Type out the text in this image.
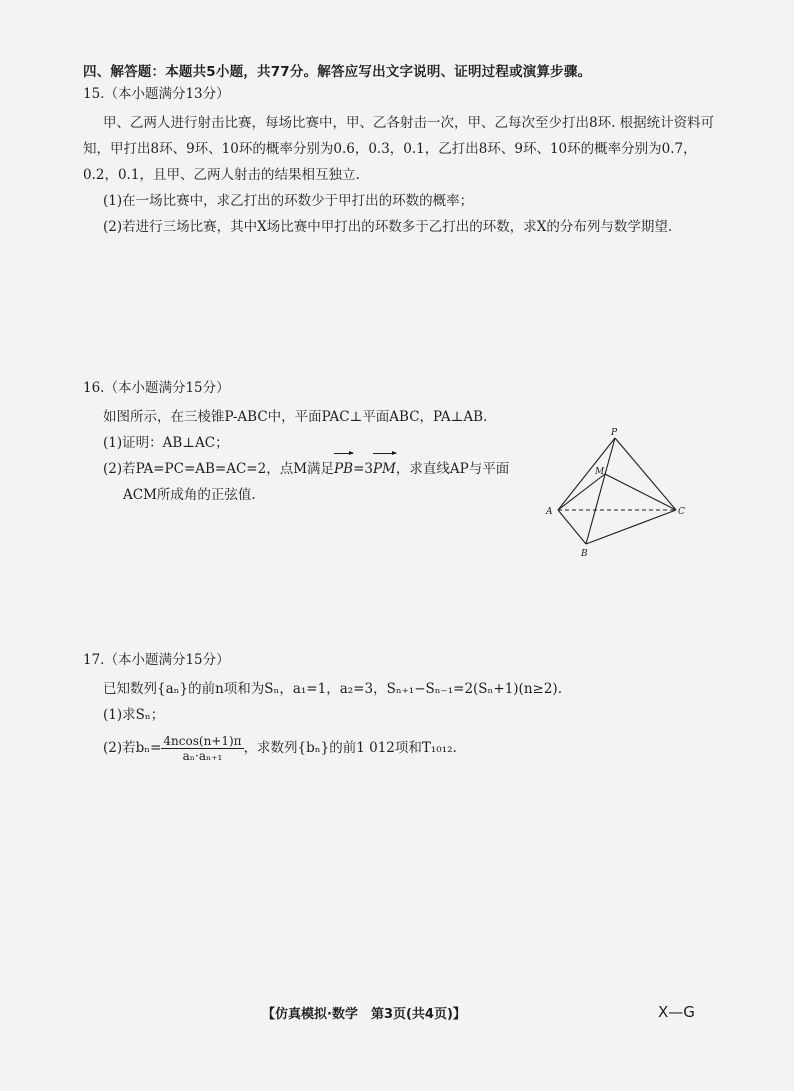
四、解答题：本题共5小题，共77分。解答应写出文字说明、证明过程或演算步骤。

15.（本小题满分13分）

甲、乙两人进行射击比赛，每场比赛中，甲、乙各射击一次，甲、乙每次至少打出8环. 根据统计资料可

知，甲打出8环、9环、10环的概率分别为0.6，0.3，0.1，乙打出8环、9环、10环的概率分别为0.7，

0.2，0.1，且甲、乙两人射击的结果相互独立.

(1)在一场比赛中，求乙打出的环数少于甲打出的环数的概率；

(2)若进行三场比赛，其中X场比赛中甲打出的环数多于乙打出的环数，求X的分布列与数学期望.

16.（本小题满分15分）

如图所示，在三棱锥P-ABC中，平面PAC⊥平面ABC，PA⊥AB.

(1)证明：AB⊥AC；

(2)若PA=PC=AB=AC=2，点M满足PB=3PM，求直线AP与平面

ACM所成角的正弦值.

P
M
A	C
B

17.（本小题满分15分）

已知数列{aₙ}的前n项和为Sₙ，a₁=1，a₂=3，Sₙ₊₁−Sₙ₋₁=2(Sₙ+1)(n≥2).

(1)求Sₙ；

(2)若$b_n= \frac{4ncos(n+1)\pi}{\text{aₙ·aₙ₊₁}}$ ，求数列{bₙ}的前1 012项和T₁₀₁₂.

【仿真模拟·数学　第3页(共4页)】	X—G
